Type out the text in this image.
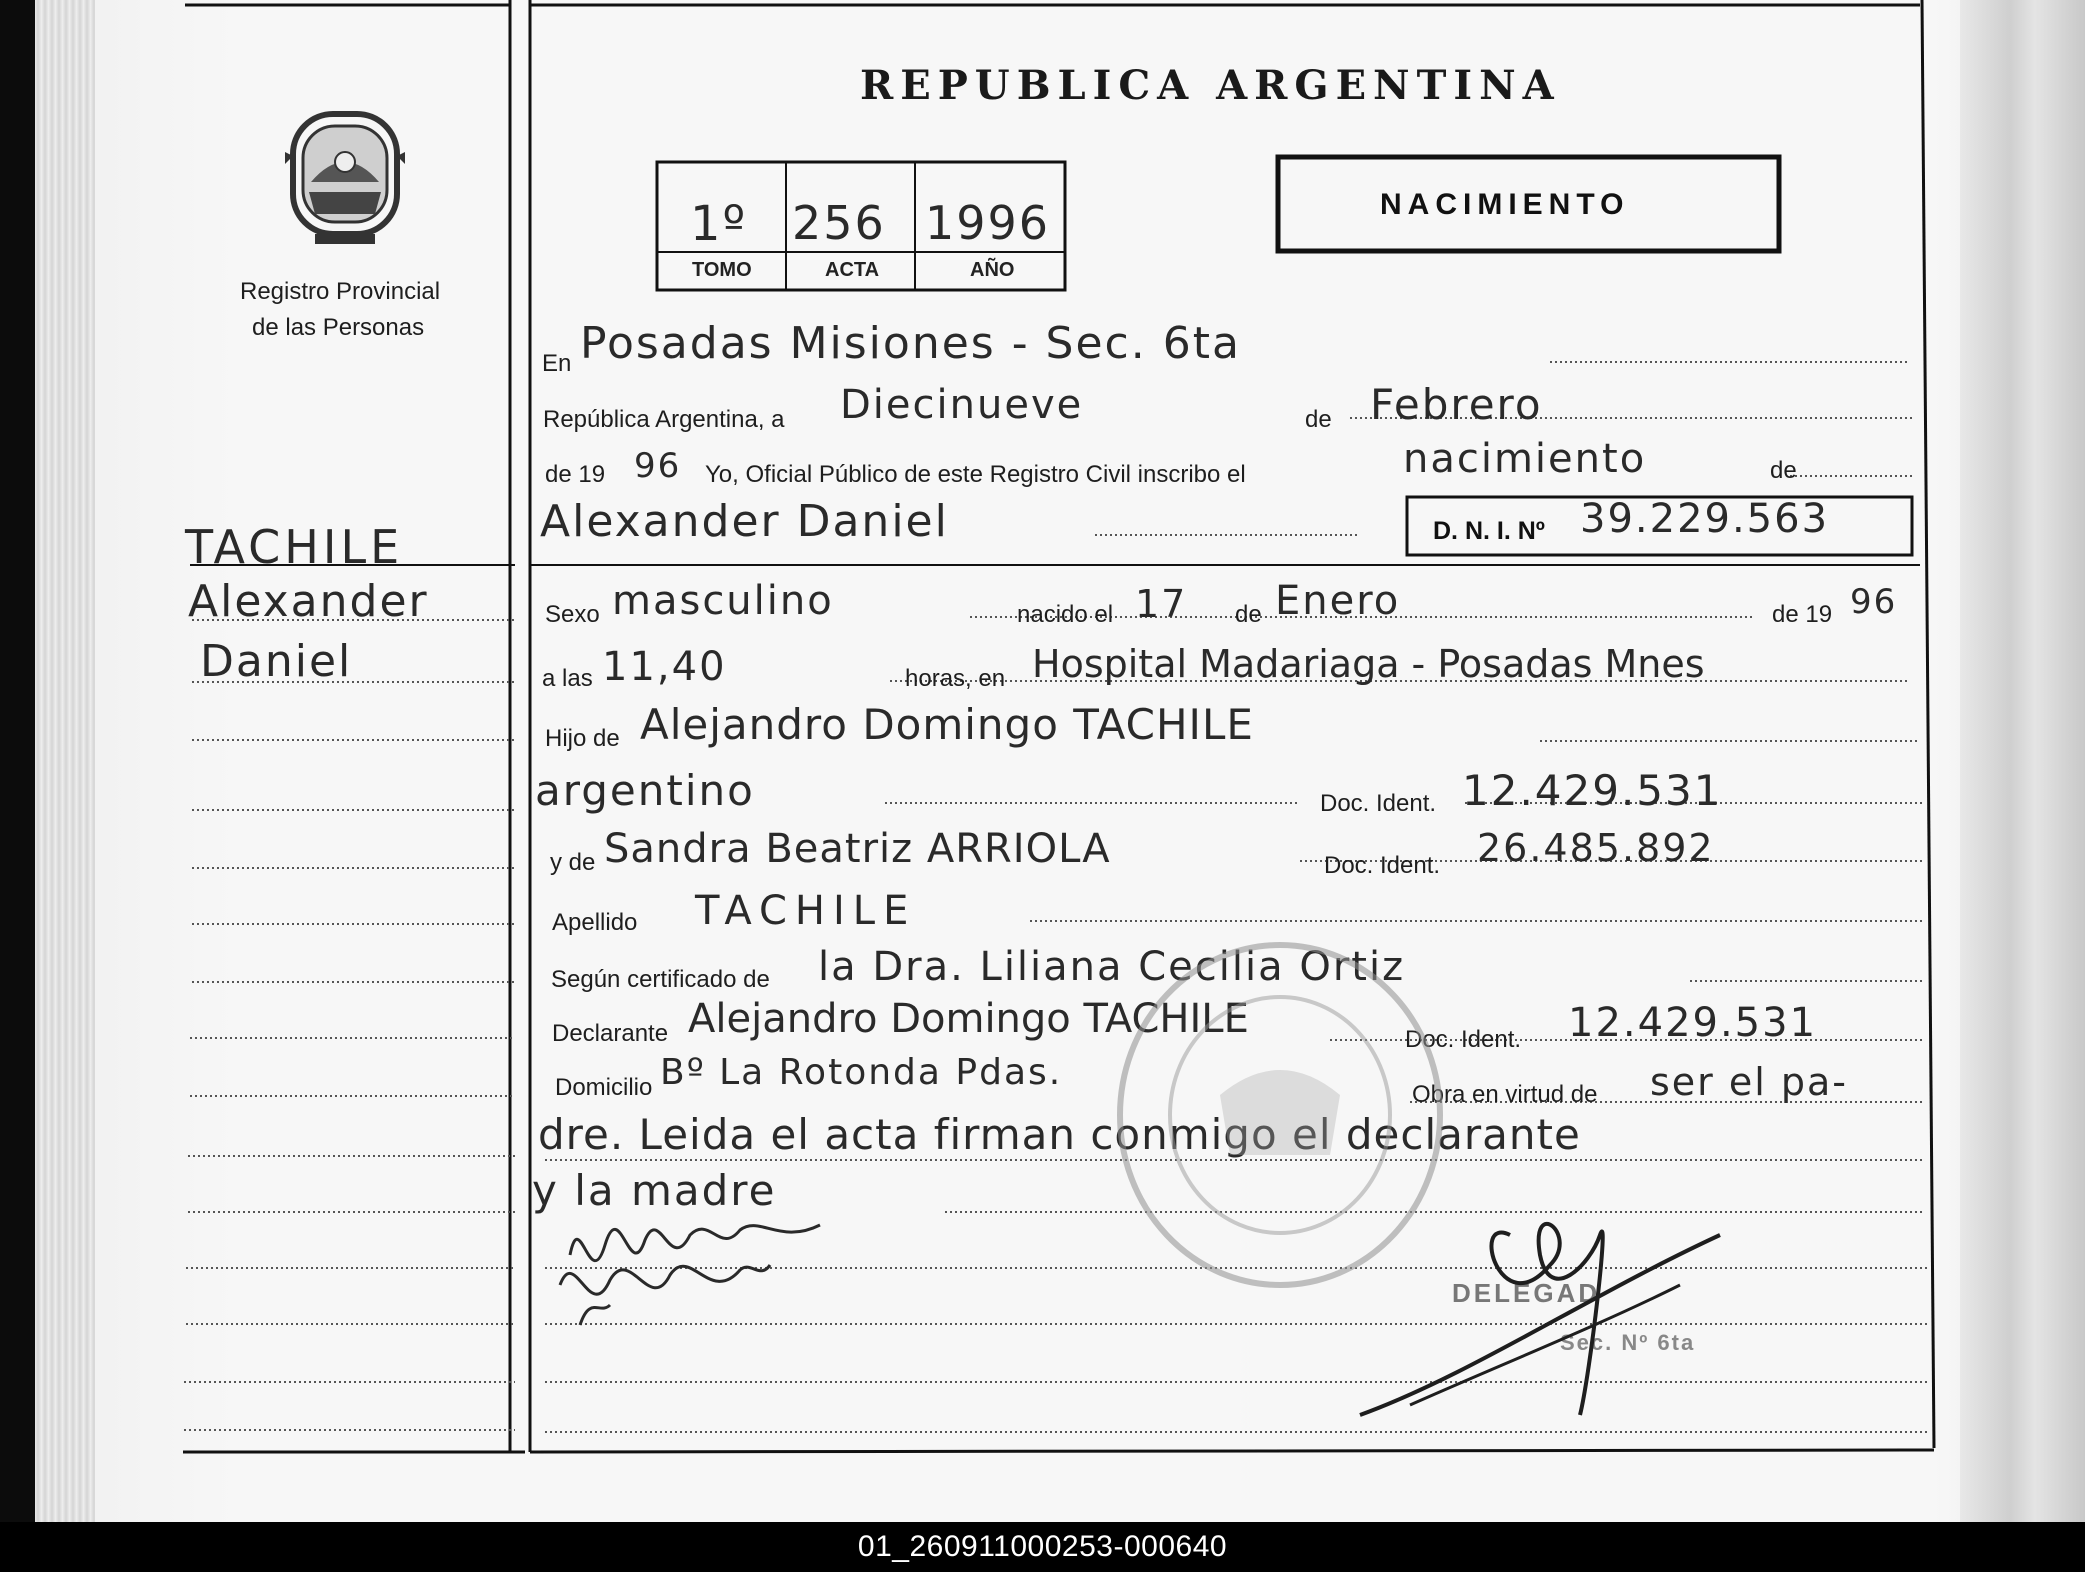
REPUBLICA ARGENTINA
Registro Provincial
de las Personas
NACIMIENTO
1º 256 1996
TOMO	ACTA	AÑO
En Posadas Misiones - Sec. 6ta
República Argentina, a Diecinueve	de Febrero
de 19 96 Yo, Oficial Público de este Registro Civil inscribo el	nacimiento	de
Alexander Daniel	D. N. I. Nº 39.229.563
Sexo masculino	nacido el 17 de Enero	de 19 96
a las 11,40	horas, en Hospital Madariaga - Posadas Mnes
Hijo de Alejandro Domingo TACHILE
argentino	Doc. Ident. 12.429.531
y de Sandra Beatriz ARRIOLA	Doc. Ident. 26.485.892
Apellido TACHILE
Según certificado de la Dra. Liliana Cecilia Ortiz
Declarante Alejandro Domingo TACHILE	Doc. Ident. 12.429.531
Domicilio Bº La Rotonda Pdas.
Obra en virtud de ser el pa-
dre. Leida el acta firman conmigo el declarante
y la madre
TACHILE
Alexander
Daniel
DELEGAD
Sec. Nº 6ta
01_260911000253-000640
